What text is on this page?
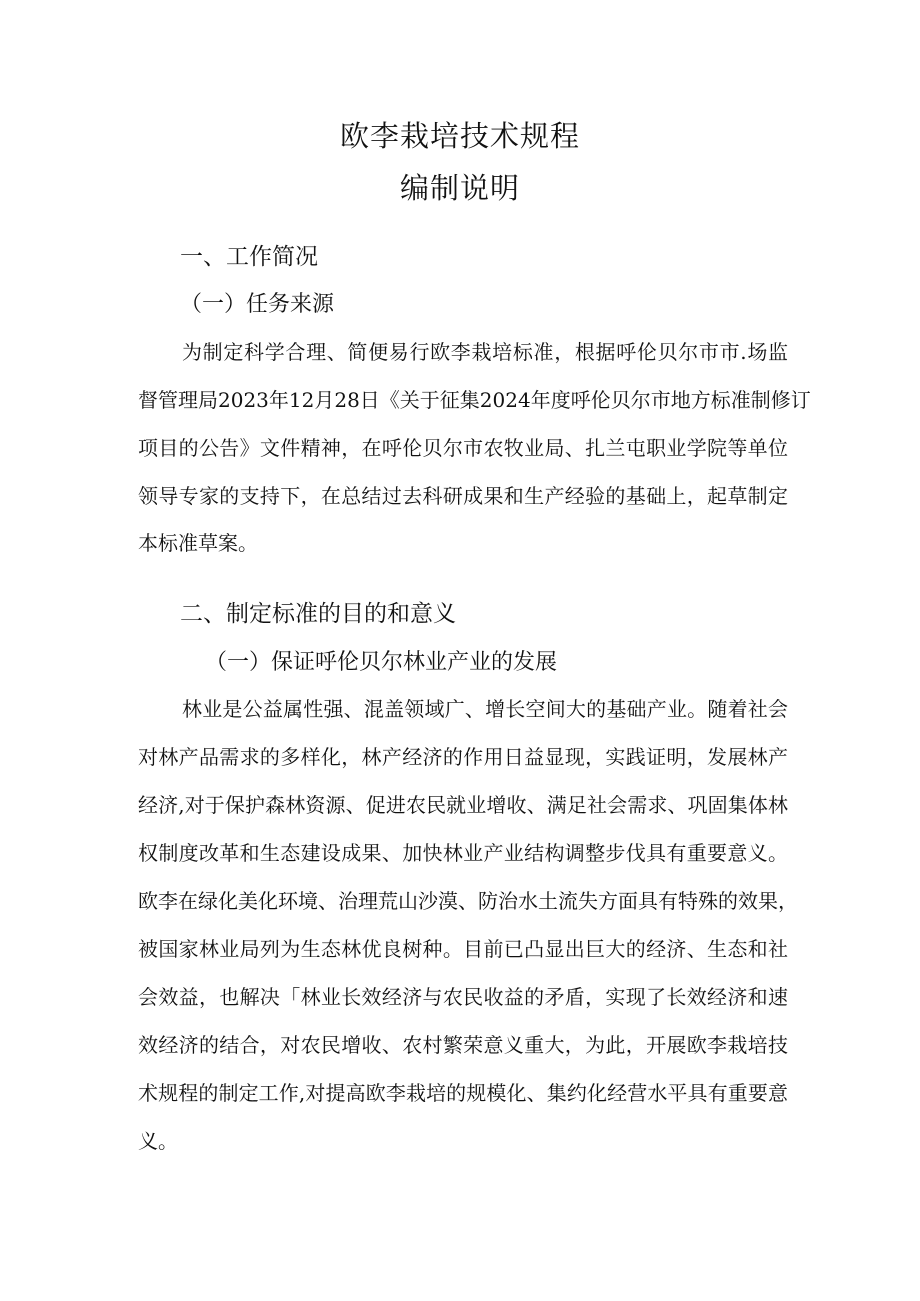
欧李栽培技术规程
编制说明
一、工作简况
（一）任务来源

为制定科学合理、简便易行欧李栽培标准，根据呼伦贝尔市市.场监

督管理局2023年12月28日《关于征集2024年度呼伦贝尔市地方标准制修订

项目的公告》文件精神，在呼伦贝尔市农牧业局、扎兰屯职业学院等单位

领导专家的支持下，在总结过去科研成果和生产经验的基础上，起草制定

本标准草案。

二、制定标准的目的和意义
（一）保证呼伦贝尔林业产业的发展

林业是公益属性强、混盖领域广、增长空间大的基础产业。随着社会

对林产品需求的多样化，林产经济的作用日益显现，实践证明，发展林产

经济,对于保护森林资源、促进农民就业增收、满足社会需求、巩固集体林

权制度改革和生态建设成果、加快林业产业结构调整步伐具有重要意义。

欧李在绿化美化环境、治理荒山沙漠、防治水土流失方面具有特殊的效果，

被国家林业局列为生态林优良树种。目前已凸显出巨大的经济、生态和社

会效益，也解决「林业长效经济与农民收益的矛盾，实现了长效经济和速

效经济的结合，对农民增收、农村繁荣意义重大，为此，开展欧李栽培技

术规程的制定工作,对提高欧李栽培的规模化、集约化经营水平具有重要意

义。
